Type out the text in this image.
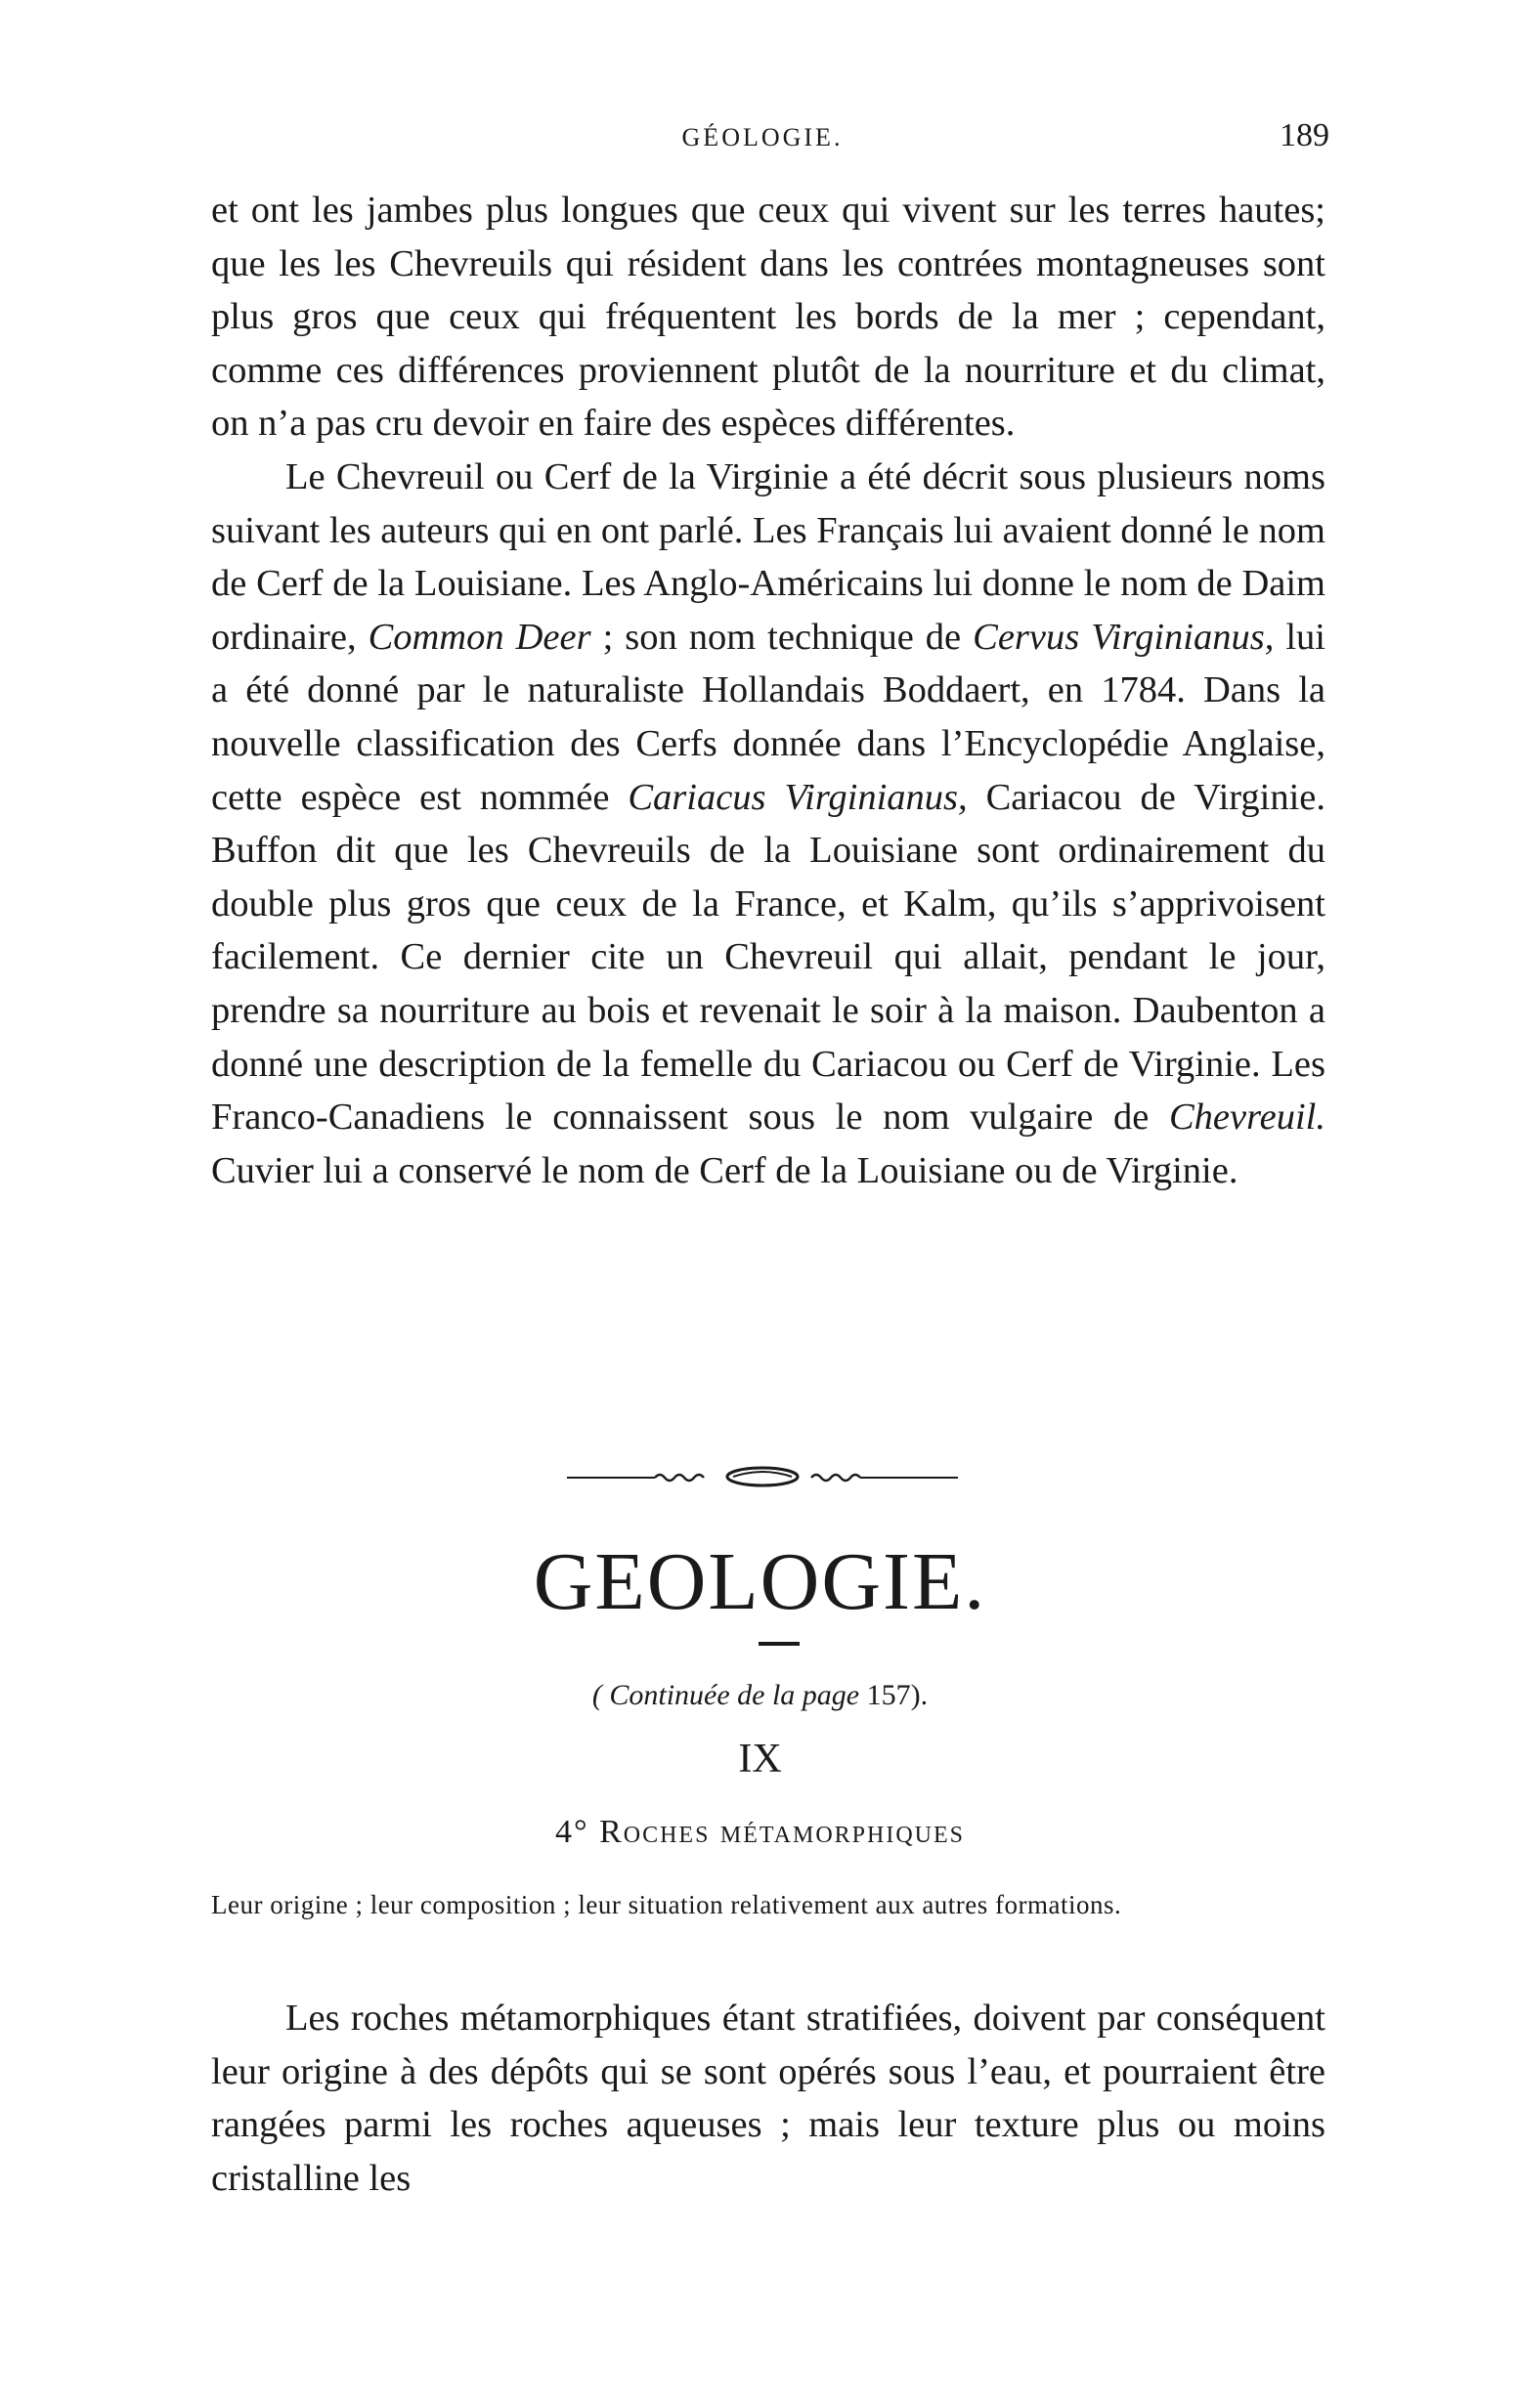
GÉOLOGIE.	189

et ont les jambes plus longues que ceux qui vivent sur les terres hautes; que les les Chevreuils qui résident dans les contrées montagneuses sont plus gros que ceux qui fréquentent les bords de la mer ; cependant, comme ces différences proviennent plutôt de la nourriture et du climat, on n’a pas cru devoir en faire des espèces différentes.

Le Chevreuil ou Cerf de la Virginie a été décrit sous plusieurs noms suivant les auteurs qui en ont parlé. Les Français lui avaient donné le nom de Cerf de la Louisiane. Les Anglo-Américains lui donne le nom de Daim ordinaire, Common Deer ; son nom technique de Cervus Virginianus, lui a été donné par le naturaliste Hollandais Boddaert, en 1784. Dans la nouvelle classification des Cerfs donnée dans l’Encyclopédie Anglaise, cette espèce est nommée Cariacus Virginianus, Cariacou de Virginie. Buffon dit que les Chevreuils de la Louisiane sont ordinairement du double plus gros que ceux de la France, et Kalm, qu’ils s’apprivoisent facilement. Ce dernier cite un Chevreuil qui allait, pendant le jour, prendre sa nourriture au bois et revenait le soir à la maison. Daubenton a donné une description de la femelle du Cariacou ou Cerf de Virginie. Les Franco-Canadiens le connaissent sous le nom vulgaire de Chevreuil. Cuvier lui a conservé le nom de Cerf de la Louisiane ou de Virginie.

GEOLOGIE.
( Continuée de la page 157).
IX
4° Roches métamorphiques
Leur origine ; leur composition ; leur situation relativement aux autres formations.

Les roches métamorphiques étant stratifiées, doivent par conséquent leur origine à des dépôts qui se sont opérés sous l’eau, et pourraient être rangées parmi les roches aqueuses ; mais leur texture plus ou moins cristalline les
